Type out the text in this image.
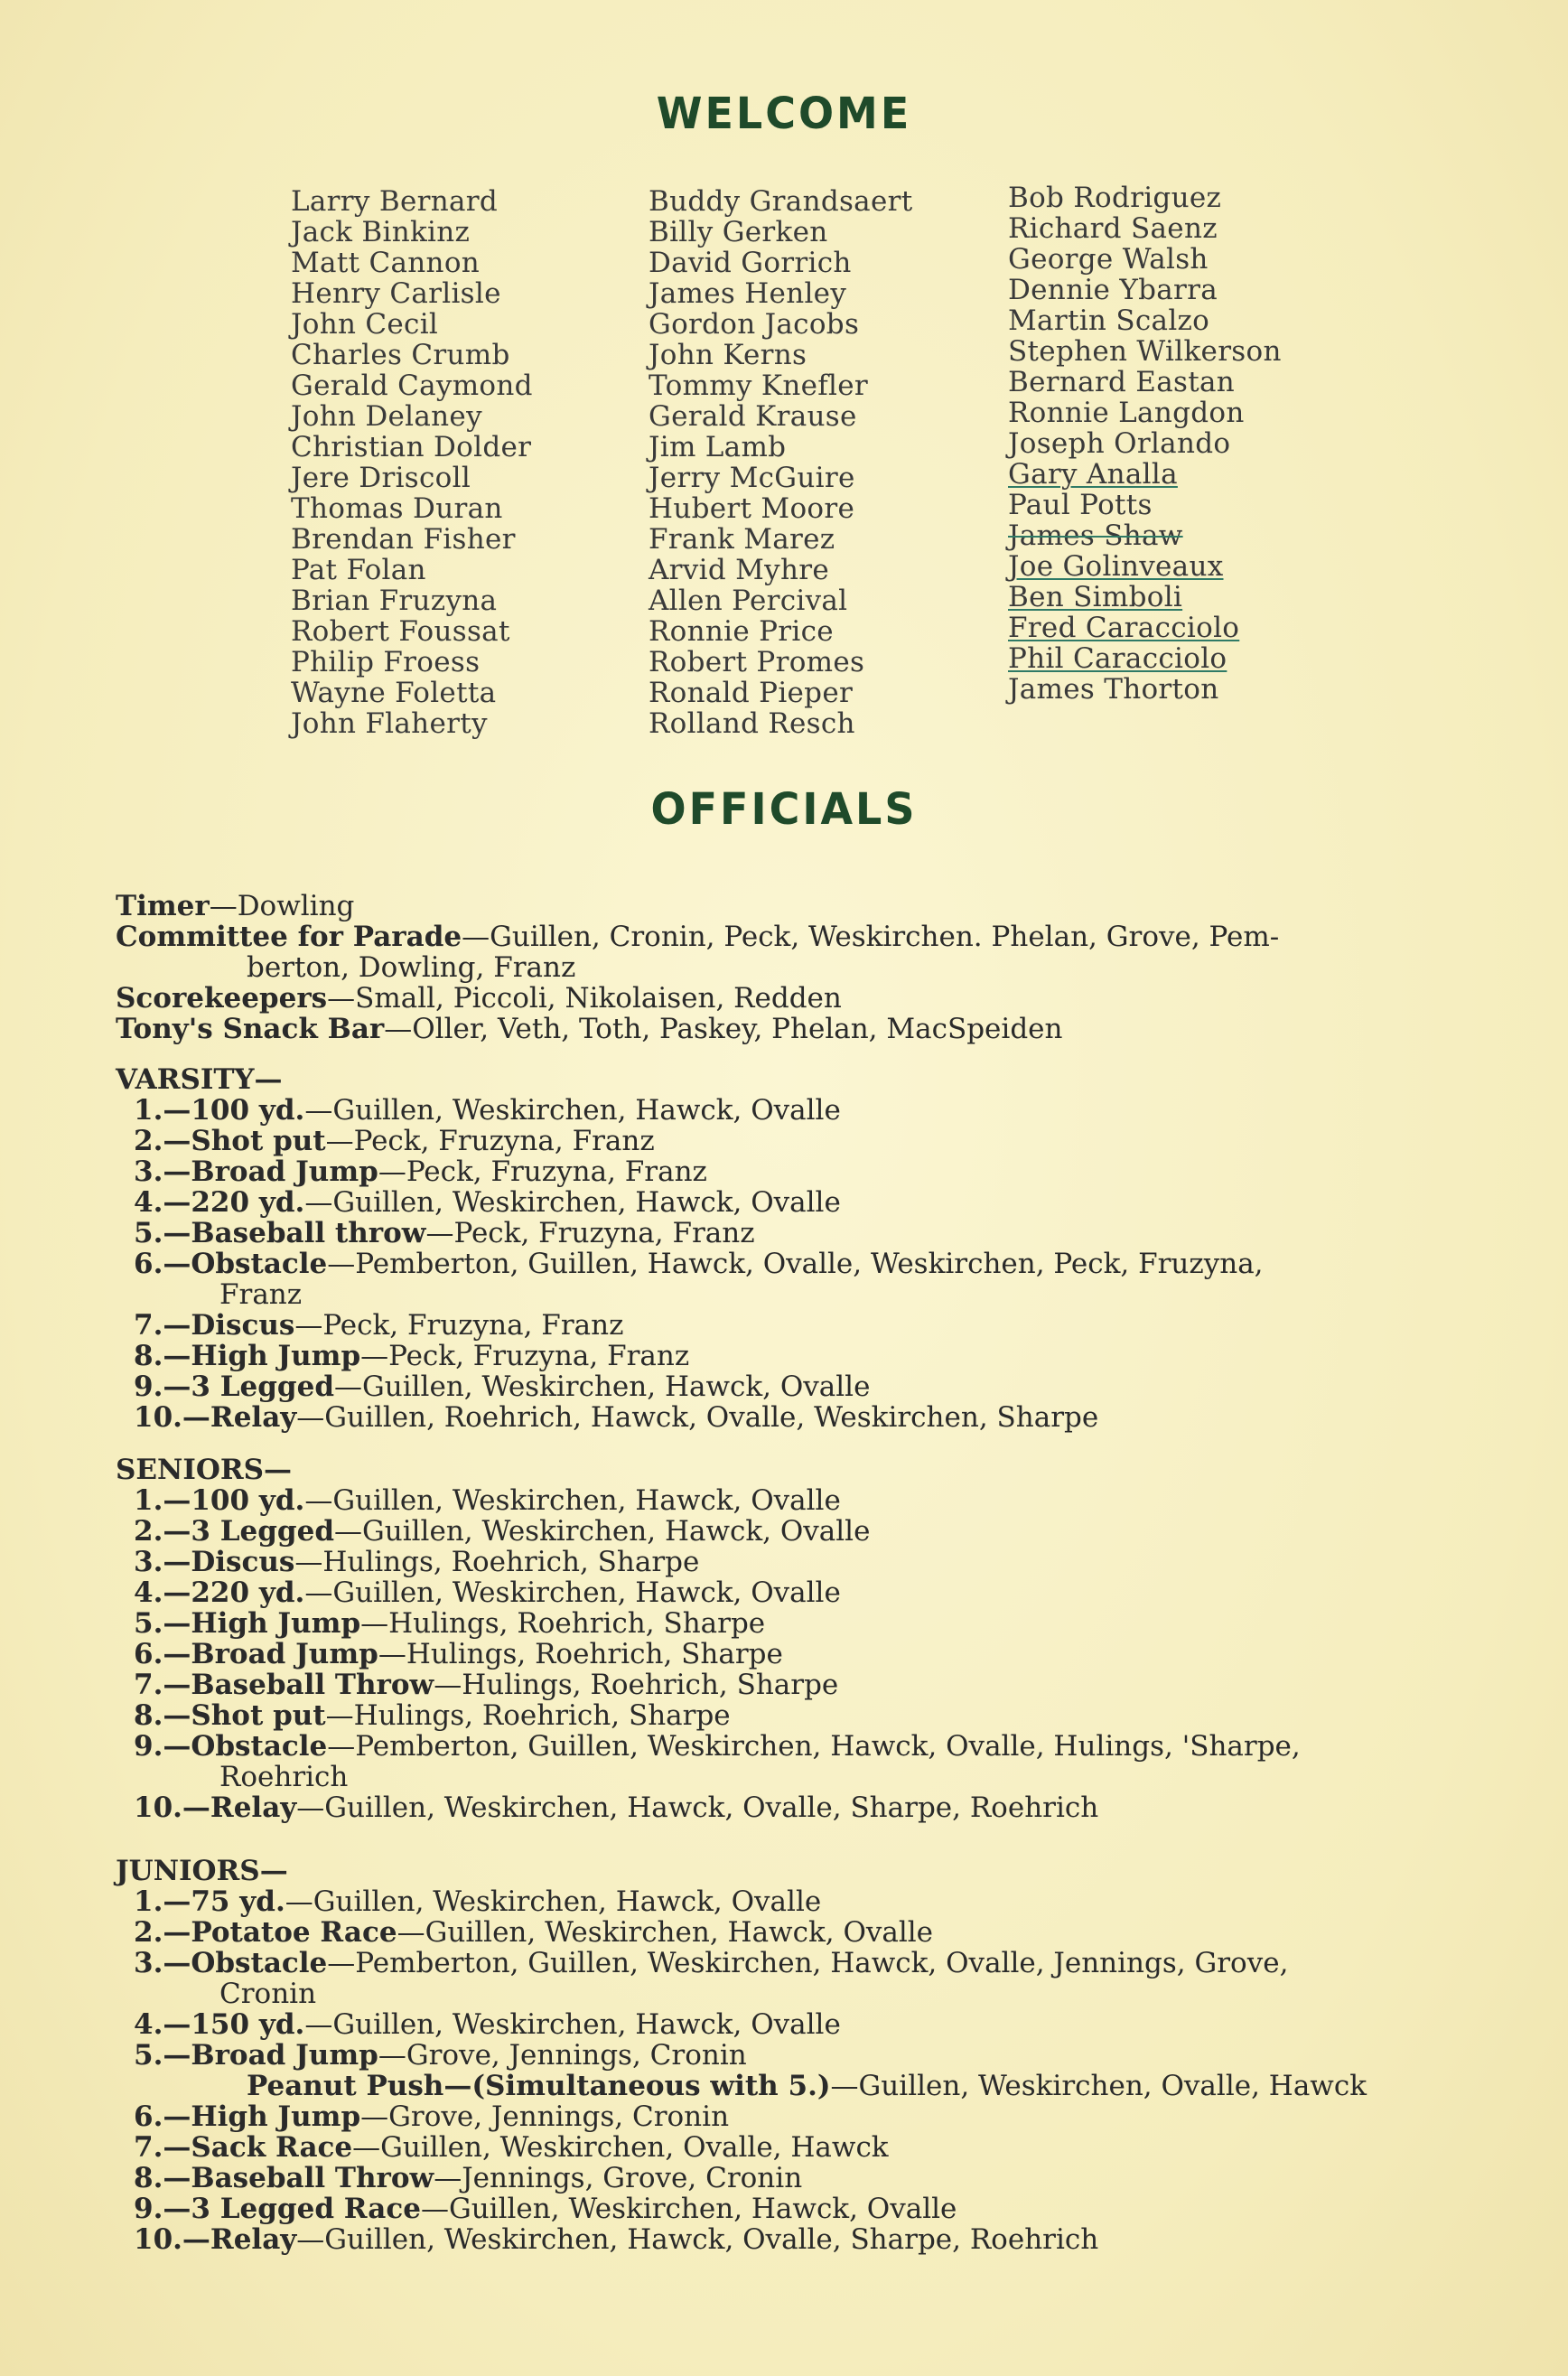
WELCOME
Larry Bernard
Jack Binkinz
Matt Cannon
Henry Carlisle
John Cecil
Charles Crumb
Gerald Caymond
John Delaney
Christian Dolder
Jere Driscoll
Thomas Duran
Brendan Fisher
Pat Folan
Brian Fruzyna
Robert Foussat
Philip Froess
Wayne Foletta
John Flaherty
Buddy Grandsaert
Billy Gerken
David Gorrich
James Henley
Gordon Jacobs
John Kerns
Tommy Knefler
Gerald Krause
Jim Lamb
Jerry McGuire
Hubert Moore
Frank Marez
Arvid Myhre
Allen Percival
Ronnie Price
Robert Promes
Ronald Pieper
Rolland Resch
Bob Rodriguez
Richard Saenz
George Walsh
Dennie Ybarra
Martin Scalzo
Stephen Wilkerson
Bernard Eastan
Ronnie Langdon
Joseph Orlando
Gary Analla
Paul Potts
James Shaw
Joe Golinveaux
Ben Simboli
Fred Caracciolo
Phil Caracciolo
James Thorton
OFFICIALS
Timer—Dowling
Committee for Parade—Guillen, Cronin, Peck, Weskirchen. Phelan, Grove, Pem-
berton, Dowling, Franz
Scorekeepers—Small, Piccoli, Nikolaisen, Redden
Tony's Snack Bar—Oller, Veth, Toth, Paskey, Phelan, MacSpeiden
VARSITY—
1.—100 yd.—Guillen, Weskirchen, Hawck, Ovalle
2.—Shot put—Peck, Fruzyna, Franz
3.—Broad Jump—Peck, Fruzyna, Franz
4.—220 yd.—Guillen, Weskirchen, Hawck, Ovalle
5.—Baseball throw—Peck, Fruzyna, Franz
6.—Obstacle—Pemberton, Guillen, Hawck, Ovalle, Weskirchen, Peck, Fruzyna,
Franz
7.—Discus—Peck, Fruzyna, Franz
8.—High Jump—Peck, Fruzyna, Franz
9.—3 Legged—Guillen, Weskirchen, Hawck, Ovalle
10.—Relay—Guillen, Roehrich, Hawck, Ovalle, Weskirchen, Sharpe
SENIORS—
1.—100 yd.—Guillen, Weskirchen, Hawck, Ovalle
2.—3 Legged—Guillen, Weskirchen, Hawck, Ovalle
3.—Discus—Hulings, Roehrich, Sharpe
4.—220 yd.—Guillen, Weskirchen, Hawck, Ovalle
5.—High Jump—Hulings, Roehrich, Sharpe
6.—Broad Jump—Hulings, Roehrich, Sharpe
7.—Baseball Throw—Hulings, Roehrich, Sharpe
8.—Shot put—Hulings, Roehrich, Sharpe
9.—Obstacle—Pemberton, Guillen, Weskirchen, Hawck, Ovalle, Hulings, 'Sharpe,
Roehrich
10.—Relay—Guillen, Weskirchen, Hawck, Ovalle, Sharpe, Roehrich
JUNIORS—
1.—75 yd.—Guillen, Weskirchen, Hawck, Ovalle
2.—Potatoe Race—Guillen, Weskirchen, Hawck, Ovalle
3.—Obstacle—Pemberton, Guillen, Weskirchen, Hawck, Ovalle, Jennings, Grove,
Cronin
4.—150 yd.—Guillen, Weskirchen, Hawck, Ovalle
5.—Broad Jump—Grove, Jennings, Cronin
Peanut Push—(Simultaneous with 5.)—Guillen, Weskirchen, Ovalle, Hawck
6.—High Jump—Grove, Jennings, Cronin
7.—Sack Race—Guillen, Weskirchen, Ovalle, Hawck
8.—Baseball Throw—Jennings, Grove, Cronin
9.—3 Legged Race—Guillen, Weskirchen, Hawck, Ovalle
10.—Relay—Guillen, Weskirchen, Hawck, Ovalle, Sharpe, Roehrich
